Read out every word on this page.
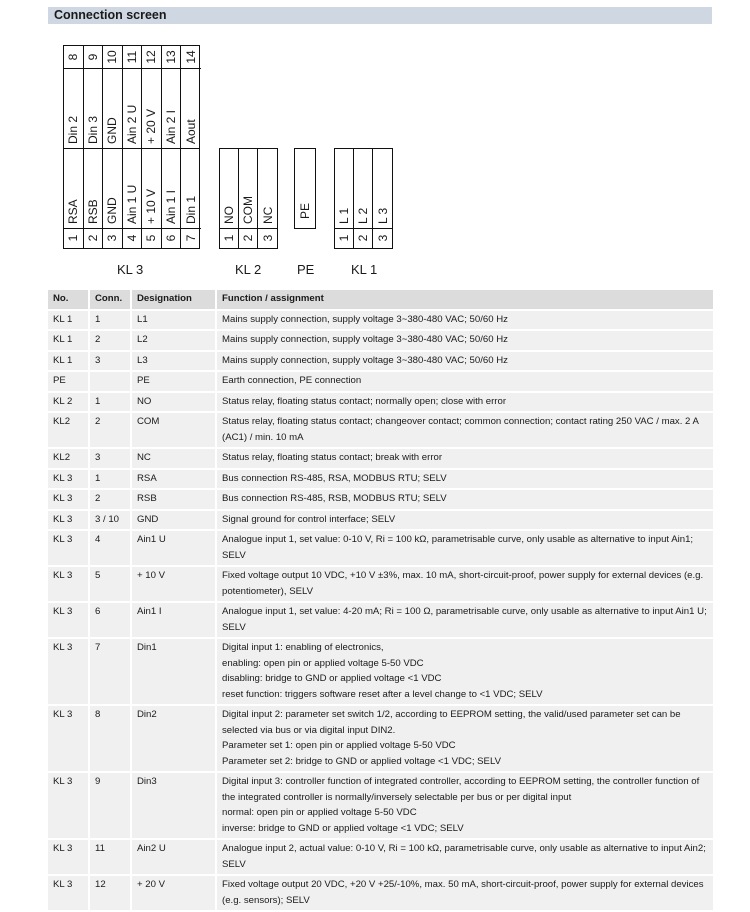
Connection screen
Din 2
8
Din 3
9
GND
10
Ain 2 U
11
+ 20 V
12
Ain 2 I
13
Aout
14
RSA
1
RSB
2
GND
3
Ain 1 U
4
+ 10 V
5
Ain 1 I
6
Din 1
7
KL 3
NO
1
COM
2
NC
3
KL 2
PE
PE
L 1
1
L 2
2
L 3
3
KL 1
No.	Conn.	Designation	Function / assignment
KL 1	1	L1	Mains supply connection, supply voltage 3~380-480 VAC; 50/60 Hz
KL 1	2	L2	Mains supply connection, supply voltage 3~380-480 VAC; 50/60 Hz
KL 1	3	L3	Mains supply connection, supply voltage 3~380-480 VAC; 50/60 Hz
PE		PE	Earth connection, PE connection
KL 2	1	NO	Status relay, floating status contact; normally open; close with error
KL2	2	COM	Status relay, floating status contact; changeover contact; common connection; contact rating 250 VAC / max. 2 A (AC1) / min. 10 mA
KL2	3	NC	Status relay, floating status contact; break with error
KL 3	1	RSA	Bus connection RS-485, RSA, MODBUS RTU; SELV
KL 3	2	RSB	Bus connection RS-485, RSB, MODBUS RTU; SELV
KL 3	3 / 10	GND	Signal ground for control interface; SELV
KL 3	4	Ain1 U	Analogue input 1, set value: 0-10 V, Ri = 100 kΩ, parametrisable curve, only usable as alternative to input Ain1; SELV
KL 3	5	+ 10 V	Fixed voltage output 10 VDC, +10 V ±3%, max. 10 mA, short-circuit-proof, power supply for external devices (e.g. potentiometer), SELV
KL 3	6	Ain1 I	Analogue input 1, set value: 4-20 mA; Ri = 100 Ω, parametrisable curve, only usable as alternative to input Ain1 U; SELV
KL 3	7	Din1	Digital input 1: enabling of electronics,
enabling: open pin or applied voltage 5-50 VDC
disabling: bridge to GND or applied voltage <1 VDC
reset function: triggers software reset after a level change to <1 VDC; SELV
KL 3	8	Din2	Digital input 2: parameter set switch 1/2, according to EEPROM setting, the valid/used parameter set can be selected via bus or via digital input DIN2.
Parameter set 1: open pin or applied voltage 5-50 VDC
Parameter set 2: bridge to GND or applied voltage <1 VDC; SELV
KL 3	9	Din3	Digital input 3: controller function of integrated controller, according to EEPROM setting, the controller function of the integrated controller is normally/inversely selectable per bus or per digital input
normal: open pin or applied voltage 5-50 VDC
inverse: bridge to GND or applied voltage <1 VDC; SELV
KL 3	11	Ain2 U	Analogue input 2, actual value: 0-10 V, Ri = 100 kΩ, parametrisable curve, only usable as alternative to input Ain2; SELV
KL 3	12	+ 20 V	Fixed voltage output 20 VDC, +20 V +25/-10%, max. 50 mA, short-circuit-proof, power supply for external devices (e.g. sensors); SELV
